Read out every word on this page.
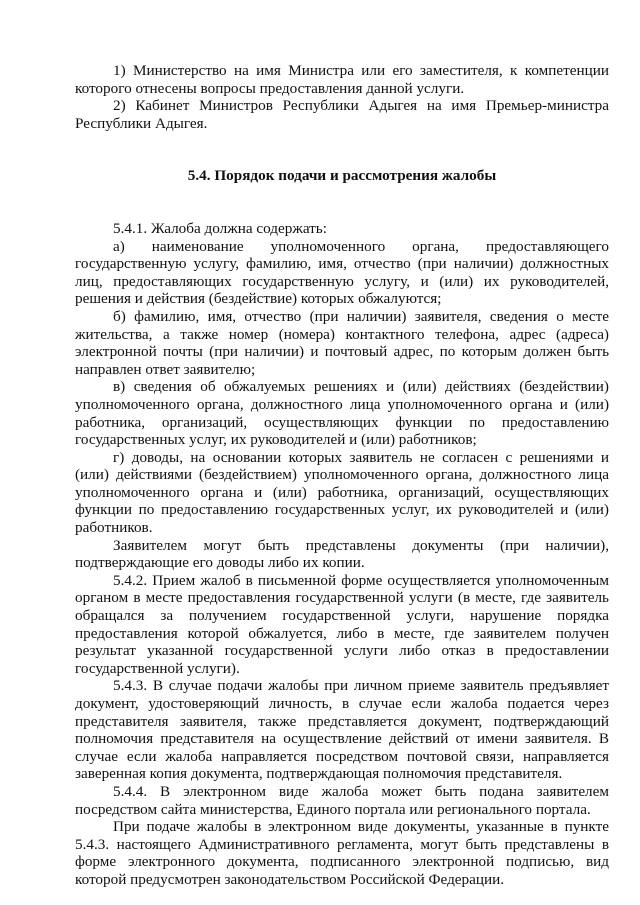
1) Министерство на имя Министра или его заместителя, к компетенции которого отнесены вопросы предоставления данной услуги.

2) Кабинет Министров Республики Адыгея на имя Премьер-министра Республики Адыгея.

5.4. Порядок подачи и рассмотрения жалобы

5.4.1. Жалоба должна содержать:

а) наименование уполномоченного органа, предоставляющего государственную услугу, фамилию, имя, отчество (при наличии) должностных лиц, предоставляющих государственную услугу, и (или) их руководителей, решения и действия (бездействие) которых обжалуются;

б) фамилию, имя, отчество (при наличии) заявителя, сведения о месте жительства, а также номер (номера) контактного телефона, адрес (адреса) электронной почты (при наличии) и почтовый адрес, по которым должен быть направлен ответ заявителю;

в) сведения об обжалуемых решениях и (или) действиях (бездействии) уполномоченного органа, должностного лица уполномоченного органа и (или) работника, организаций, осуществляющих функции по предоставлению государственных услуг, их руководителей и (или) работников;

г) доводы, на основании которых заявитель не согласен с решениями и (или) действиями (бездействием) уполномоченного органа, должностного лица уполномоченного органа и (или) работника, организаций, осуществляющих функции по предоставлению государственных услуг, их руководителей и (или) работников.

Заявителем могут быть представлены документы (при наличии), подтверждающие его доводы либо их копии.

5.4.2. Прием жалоб в письменной форме осуществляется уполномоченным органом в месте предоставления государственной услуги (в месте, где заявитель обращался за получением государственной услуги, нарушение порядка предоставления которой обжалуется, либо в месте, где заявителем получен результат указанной государственной услуги либо отказ в предоставлении государственной услуги).

5.4.3. В случае подачи жалобы при личном приеме заявитель предъявляет документ, удостоверяющий личность, в случае если жалоба подается через представителя заявителя, также представляется документ, подтверждающий полномочия представителя на осуществление действий от имени заявителя. В случае если жалоба направляется посредством почтовой связи, направляется заверенная копия документа, подтверждающая полномочия представителя.

5.4.4. В электронном виде жалоба может быть подана заявителем посредством сайта министерства, Единого портала или регионального портала.

При подаче жалобы в электронном виде документы, указанные в пункте 5.4.3. настоящего Административного регламента, могут быть представлены в форме электронного документа, подписанного электронной подписью, вид которой предусмотрен законодательством Российской Федерации.
